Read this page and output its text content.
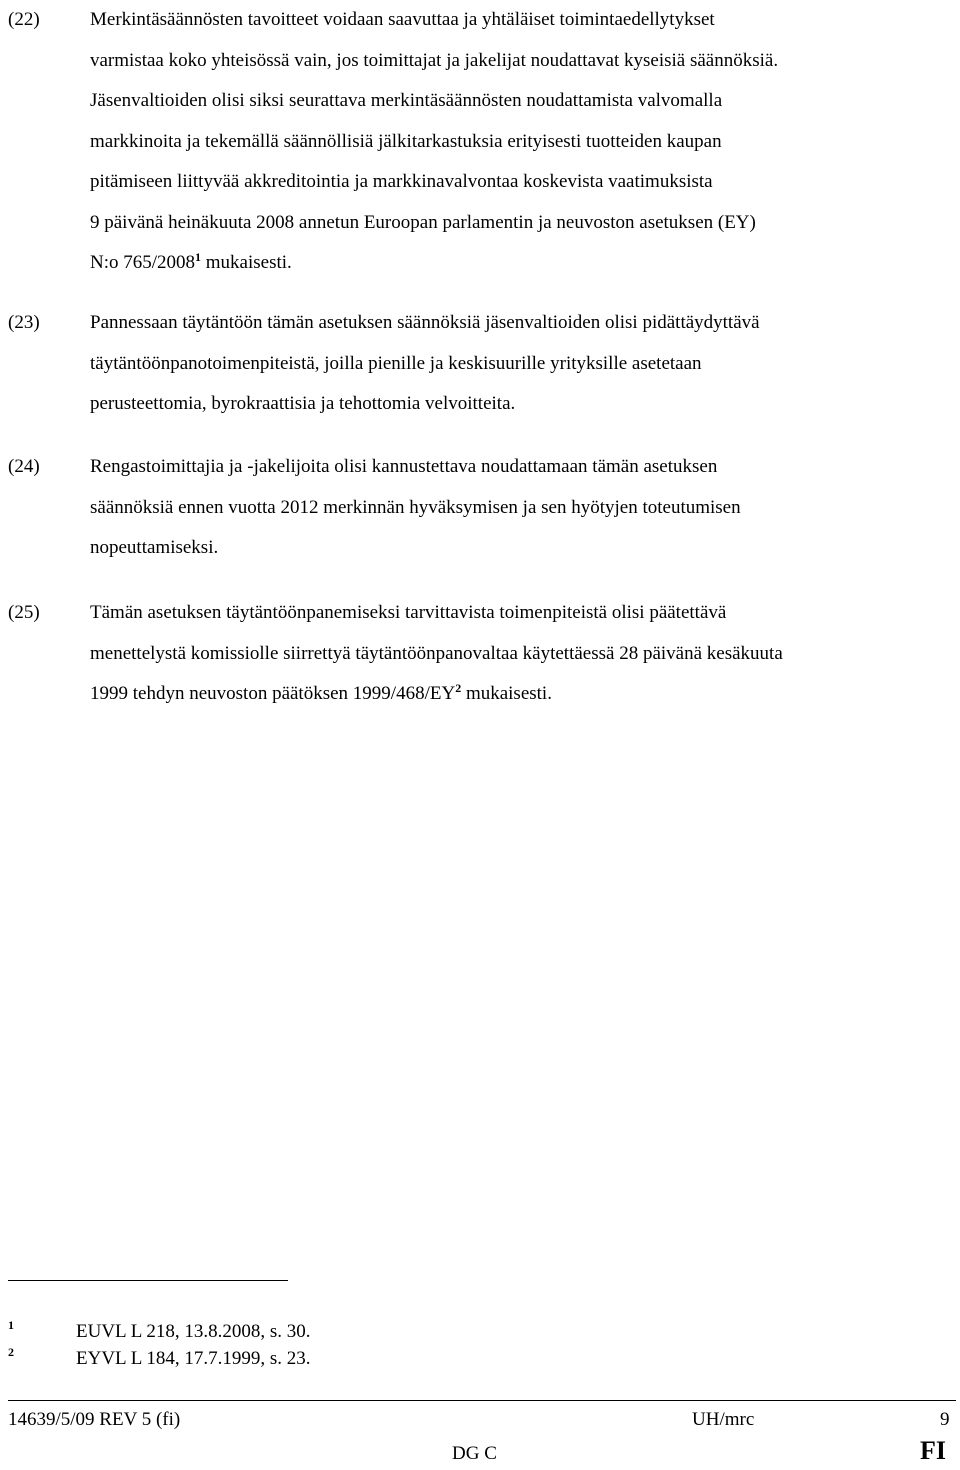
(22)	Merkintäsäännösten tavoitteet voidaan saavuttaa ja yhtäläiset toimintaedellytykset
varmistaa koko yhteisössä vain, jos toimittajat ja jakelijat noudattavat kyseisiä säännöksiä.
Jäsenvaltioiden olisi siksi seurattava merkintäsäännösten noudattamista valvomalla
markkinoita ja tekemällä säännöllisiä jälkitarkastuksia erityisesti tuotteiden kaupan
pitämiseen liittyvää akkreditointia ja markkinavalvontaa koskevista vaatimuksista
9 päivänä heinäkuuta 2008 annetun Euroopan parlamentin ja neuvoston asetuksen (EY)
N:o 765/2008$^1$ mukaisesti.
(23)	Pannessaan täytäntöön tämän asetuksen säännöksiä jäsenvaltioiden olisi pidättäydyttävä
täytäntöönpanotoimenpiteistä, joilla pienille ja keskisuurille yrityksille asetetaan
perusteettomia, byrokraattisia ja tehottomia velvoitteita.
(24)	Rengastoimittajia ja -jakelijoita olisi kannustettava noudattamaan tämän asetuksen
säännöksiä ennen vuotta 2012 merkinnän hyväksymisen ja sen hyötyjen toteutumisen
nopeuttamiseksi.
(25)	Tämän asetuksen täytäntöönpanemiseksi tarvittavista toimenpiteistä olisi päätettävä
menettelystä komissiolle siirrettyä täytäntöönpanovaltaa käytettäessä 28 päivänä kesäkuuta
1999 tehdyn neuvoston päätöksen $1999/468/EY^2$ mukaisesti.
1	EUVL L 218, 13.8.2008, s. 30.
2	EYVL L 184, 17.7.1999, s. 23.
14639/5/09 REV 5 (fi)	UH/mrc	9
DG C	FI
